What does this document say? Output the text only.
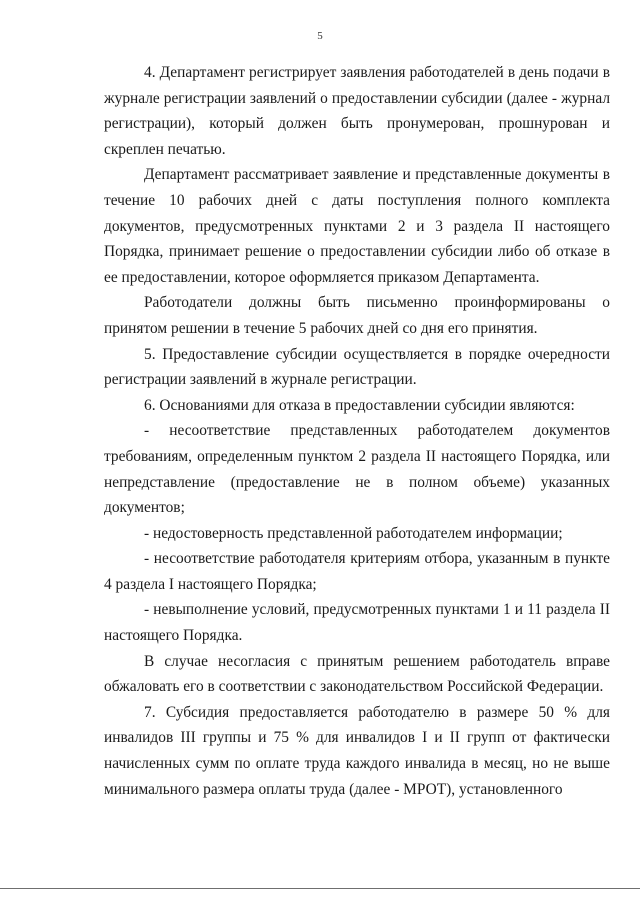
5

4. Департамент регистрирует заявления работодателей в день подачи в журнале регистрации заявлений о предоставлении субсидии (далее - журнал регистрации), который должен быть пронумерован, прошнурован и скреплен печатью.

Департамент рассматривает заявление и представленные документы в течение 10 рабочих дней с даты поступления полного комплекта документов, предусмотренных пунктами 2 и 3 раздела II настоящего Порядка, принимает решение о предоставлении субсидии либо об отказе в ее предоставлении, которое оформляется приказом Департамента.

Работодатели должны быть письменно проинформированы о принятом решении в течение 5 рабочих дней со дня его принятия.

5. Предоставление субсидии осуществляется в порядке очередности регистрации заявлений в журнале регистрации.

6. Основаниями для отказа в предоставлении субсидии являются:

- несоответствие представленных работодателем документов требованиям, определенным пунктом 2 раздела II настоящего Порядка, или непредставление (предоставление не в полном объеме) указанных документов;

- недостоверность представленной работодателем информации;

- несоответствие работодателя критериям отбора, указанным в пункте 4 раздела I настоящего Порядка;

- невыполнение условий, предусмотренных пунктами 1 и 11 раздела II настоящего Порядка.

В случае несогласия с принятым решением работодатель вправе обжаловать его в соответствии с законодательством Российской Федерации.

7. Субсидия предоставляется работодателю в размере 50 % для инвалидов III группы и 75 % для инвалидов I и II групп от фактически начисленных сумм по оплате труда каждого инвалида в месяц, но не выше минимального размера оплаты труда (далее - МРОТ), установленного
